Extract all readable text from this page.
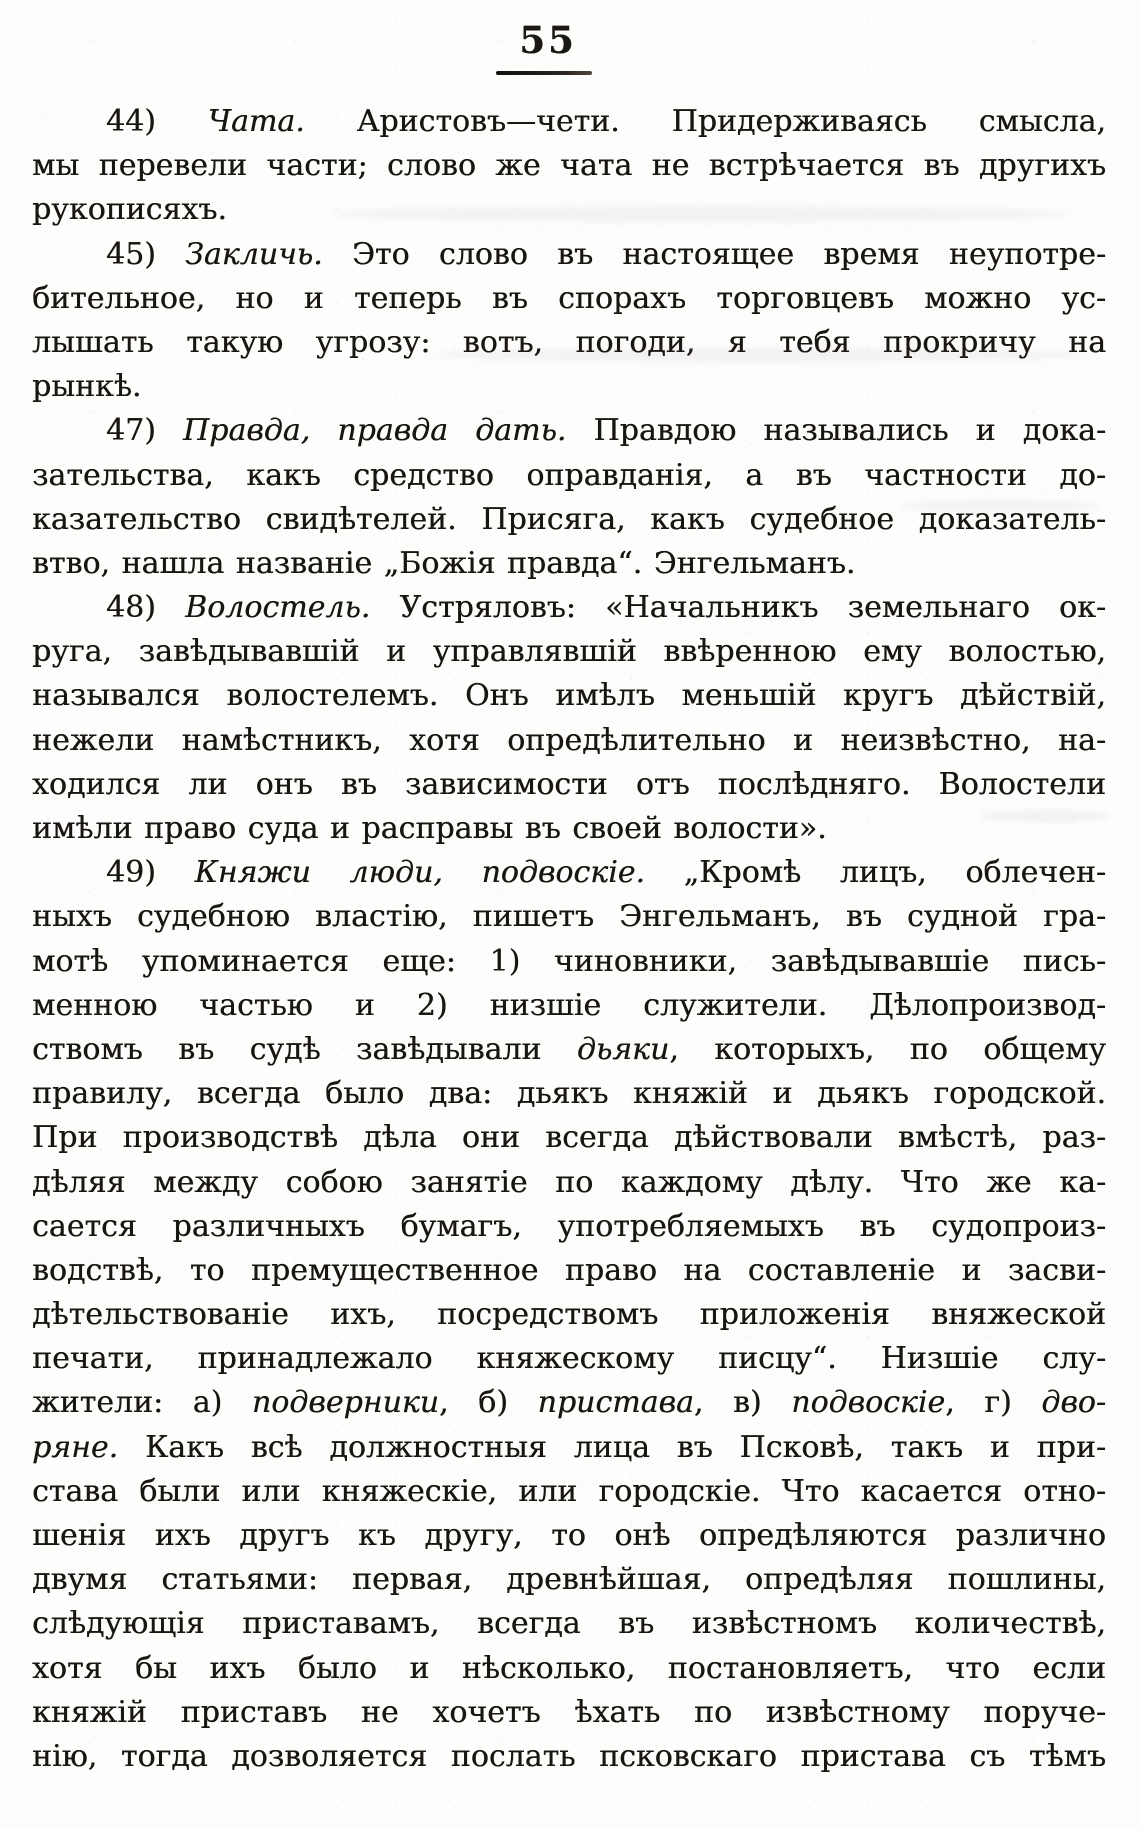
55
44) Чата. Аристовъ—чети. Придерживаясь смысла,
мы перевели части; слово же чата не встрѣчается въ другихъ
рукописяхъ.
45) Закличь. Это слово въ настоящее время неупотре-
бительное, но и теперь въ спорахъ торговцевъ можно ус-
лышать такую угрозу: вотъ, погоди, я тебя прокричу на
рынкѣ.
47) Правда, правда дать. Правдою назывались и дока-
зательства, какъ средство оправданія, а въ частности до-
казательство свидѣтелей. Присяга, какъ судебное доказатель-
втво, нашла названіе „Божія правда“. Энгельманъ.
48) Волостель. Устряловъ: «Начальникъ земельнаго ок-
руга, завѣдывавшій и управлявшій ввѣренною ему волостью,
назывался волостелемъ. Онъ имѣлъ меньшій кругъ дѣйствій,
нежели намѣстникъ, хотя опредѣлительно и неизвѣстно, на-
ходился ли онъ въ зависимости отъ послѣдняго. Волостели
имѣли право суда и расправы въ своей волости».
49) Княжи люди, подвоскіе. „Кромѣ лицъ, облечен-
ныхъ судебною властію, пишетъ Энгельманъ, въ судной гра-
мотѣ упоминается еще: 1) чиновники, завѣдывавшіе пись-
менною частью и 2) низшіе служители. Дѣлопроизвод-
ствомъ въ судѣ завѣдывали дьяки, которыхъ, по общему
правилу, всегда было два: дьякъ княжій и дьякъ городской.
При производствѣ дѣла они всегда дѣйствовали вмѣстѣ, раз-
дѣляя между собою занятіе по каждому дѣлу. Что же ка-
сается различныхъ бумагъ, употребляемыхъ въ судопроиз-
водствѣ, то премущественное право на составленіе и засви-
дѣтельствованіе ихъ, посредствомъ приложенія вняжеской
печати, принадлежало княжескому писцу“. Низшіе слу-
жители: а) подверники, б) пристава, в) подвоскіе, г) дво-
ряне. Какъ всѣ должностныя лица въ Псковѣ, такъ и при-
става были или княжескіе, или городскіе. Что касается отно-
шенія ихъ другъ къ другу, то онѣ опредѣляются различно
двумя статьями: первая, древнѣйшая, опредѣляя пошлины,
слѣдующія приставамъ, всегда въ извѣстномъ количествѣ,
хотя бы ихъ было и нѣсколько, постановляетъ, что если
княжій приставъ не хочетъ ѣхать по извѣстному поруче-
нію, тогда дозволяется послать псковскаго пристава съ тѣмъ
